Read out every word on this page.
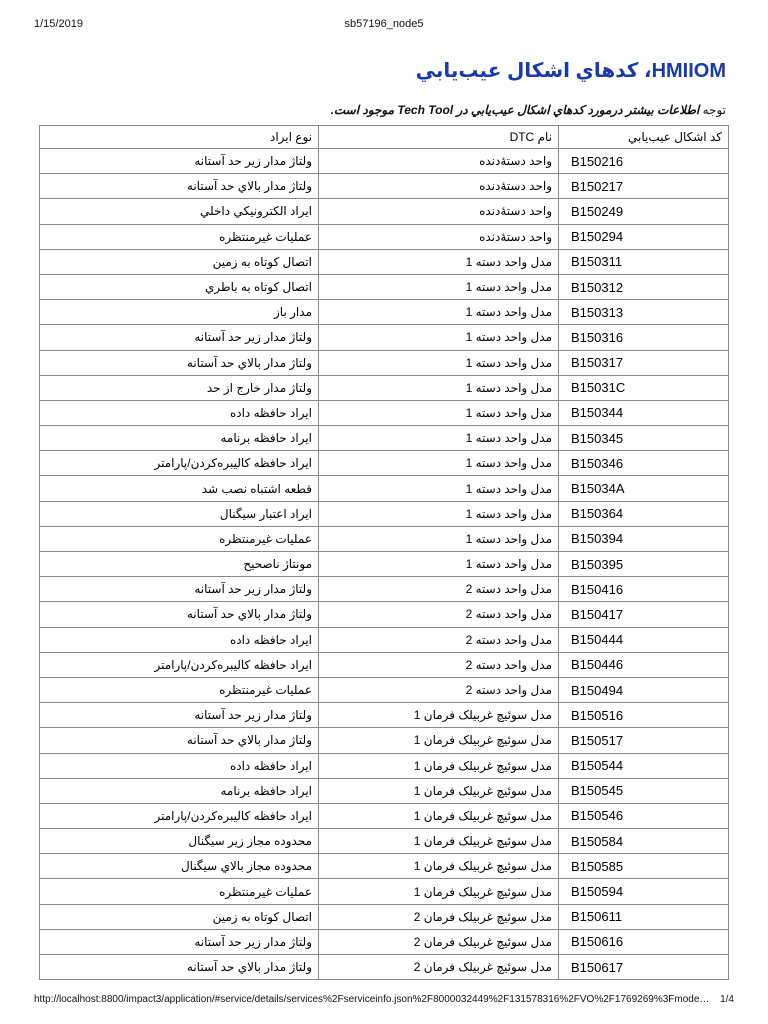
1/15/2019	sb57196_node5
HMIIOM، کدهاي اشکال عيب‌يابي

توجه اطلاعات بیشتر درمورد کدهاي اشكال عيب‌يابي در Tech Tool موجود است.

كد اشكال عيب‌يابي	نام DTC	نوع ايراد
B150216	واحد دستهٔ‌دنده	ولتاژ مدار زير حد آستانه
B150217	واحد دستهٔ‌دنده	ولتاژ مدار بالاي حد آستانه
B150249	واحد دستهٔ‌دنده	ايراد الکترونيکي داخلي
B150294	واحد دستهٔ‌دنده	عمليات غيرمنتظره
B150311	مدل واحد دسته 1	اتصال کوتاه به زمين
B150312	مدل واحد دسته 1	اتصال کوتاه به باطري
B150313	مدل واحد دسته 1	مدار باز
B150316	مدل واحد دسته 1	ولتاژ مدار زير حد آستانه
B150317	مدل واحد دسته 1	ولتاژ مدار بالاي حد آستانه
B15031C	مدل واحد دسته 1	ولتاژ مدار خارج از حد
B150344	مدل واحد دسته 1	ايراد حافظه داده
B150345	مدل واحد دسته 1	ايراد حافظه برنامه
B150346	مدل واحد دسته 1	ايراد حافظه کاليبره‌کردن/پارامتر
B15034A	مدل واحد دسته 1	قطعه اشتباه نصب شد
B150364	مدل واحد دسته 1	ايراد اعتبار سيگنال
B150394	مدل واحد دسته 1	عمليات غيرمنتظره
B150395	مدل واحد دسته 1	مونتاژ ناصحيح
B150416	مدل واحد دسته 2	ولتاژ مدار زير حد آستانه
B150417	مدل واحد دسته 2	ولتاژ مدار بالاي حد آستانه
B150444	مدل واحد دسته 2	ايراد حافظه داده
B150446	مدل واحد دسته 2	ايراد حافظه کاليبره‌کردن/پارامتر
B150494	مدل واحد دسته 2	عمليات غيرمنتظره
B150516	مدل سوئيچ غربيلک فرمان 1	ولتاژ مدار زير حد آستانه
B150517	مدل سوئيچ غربيلک فرمان 1	ولتاژ مدار بالاي حد آستانه
B150544	مدل سوئيچ غربيلک فرمان 1	ايراد حافظه داده
B150545	مدل سوئيچ غربيلک فرمان 1	ايراد حافظه برنامه
B150546	مدل سوئيچ غربيلک فرمان 1	ايراد حافظه کاليبره‌کردن/پارامتر
B150584	مدل سوئيچ غربيلک فرمان 1	محدوده مجاز زير سيگنال
B150585	مدل سوئيچ غربيلک فرمان 1	محدوده مجاز بالاي سيگنال
B150594	مدل سوئيچ غربيلک فرمان 1	عمليات غيرمنتظره
B150611	مدل سوئيچ غربيلک فرمان 2	اتصال کوتاه به زمين
B150616	مدل سوئيچ غربيلک فرمان 2	ولتاژ مدار زير حد آستانه
B150617	مدل سوئيچ غربيلک فرمان 2	ولتاژ مدار بالاي حد آستانه
http://localhost:8800/impact3/application/#service/details/services%2Fserviceinfo.json%2F8000032449%2F131578316%2FVO%2F1769269%3Fmode…	1/4
